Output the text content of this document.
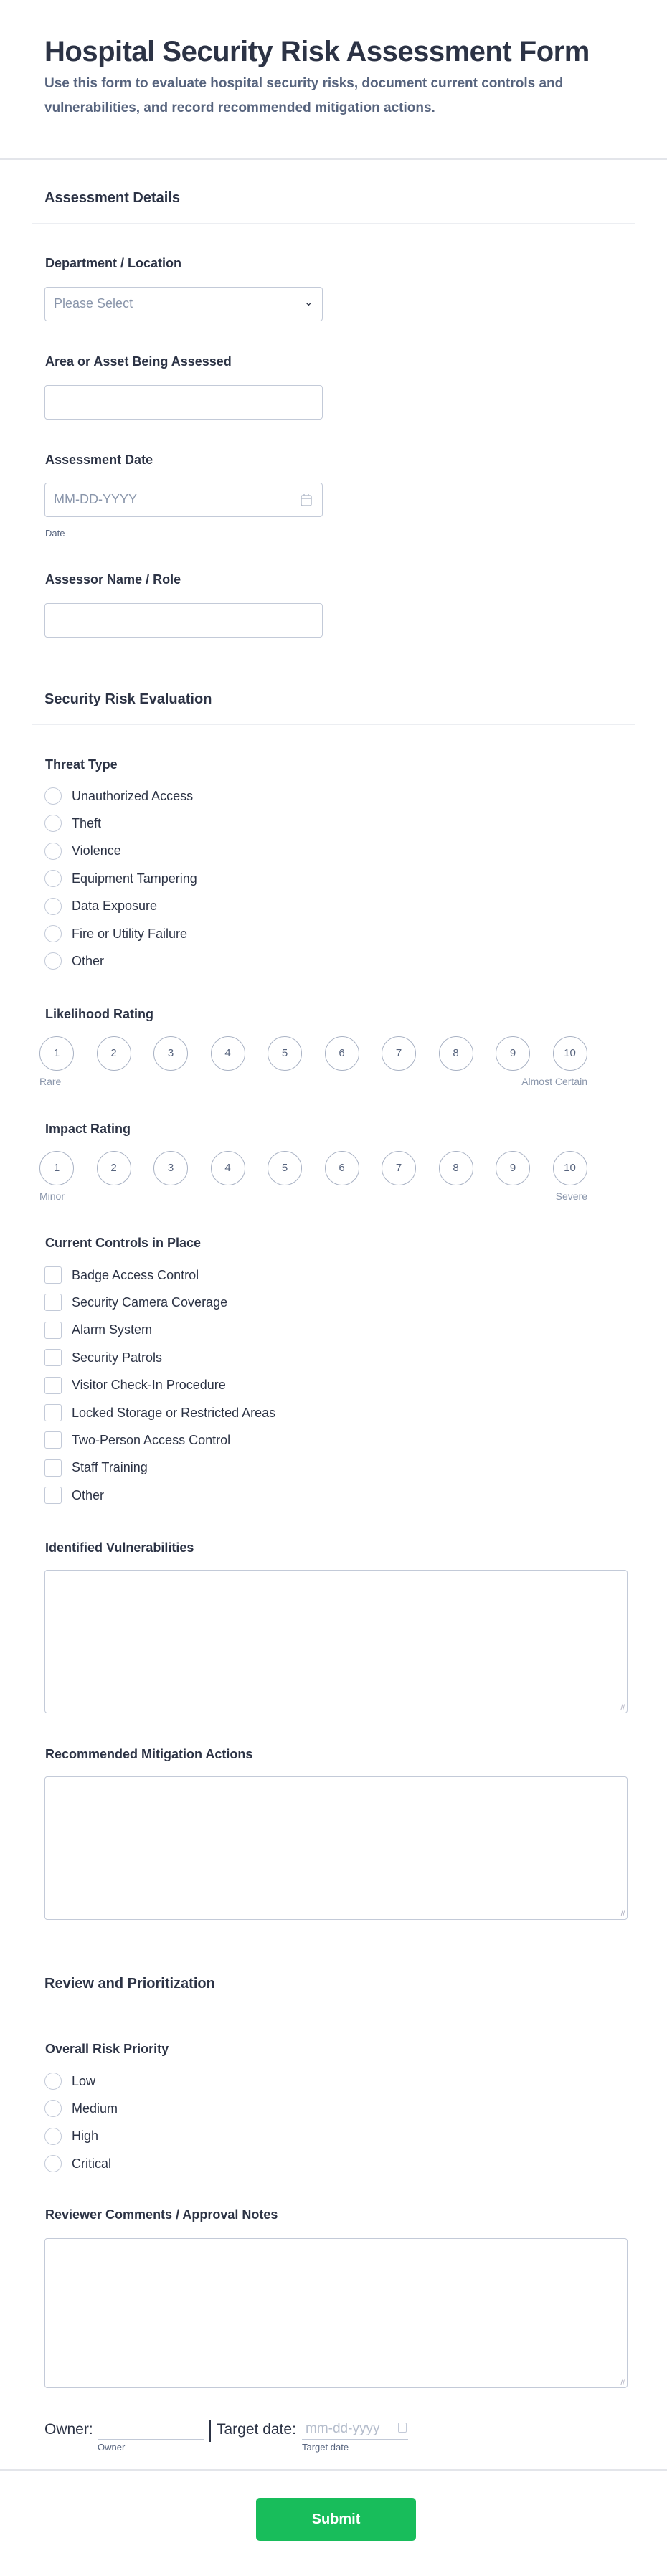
Hospital Security Risk Assessment Form

Use this form to evaluate hospital security risks, document current controls and vulnerabilities, and record recommended mitigation actions.

Assessment Details
Department / Location
Please Select	⌄
Area or Asset Being Assessed
Assessment Date
MM-DD-YYYY
Date
Assessor Name / Role
Security Risk Evaluation
Threat Type
Unauthorized Access
Theft
Violence
Equipment Tampering
Data Exposure
Fire or Utility Failure
Other
Likelihood Rating
1	2	3	4	5	6	7	8	9	10
Rare	Almost Certain
Impact Rating
1	2	3	4	5	6	7	8	9	10
Minor	Severe
Current Controls in Place
Badge Access Control
Security Camera Coverage
Alarm System
Security Patrols
Visitor Check-In Procedure
Locked Storage or Restricted Areas
Two-Person Access Control
Staff Training
Other
Identified Vulnerabilities
//
Recommended Mitigation Actions
//
Review and Prioritization
Overall Risk Priority
Low
Medium
High
Critical
Reviewer Comments / Approval Notes
//
Owner:
Owner
Target date: mm-dd-yyyy
Target date
Submit
